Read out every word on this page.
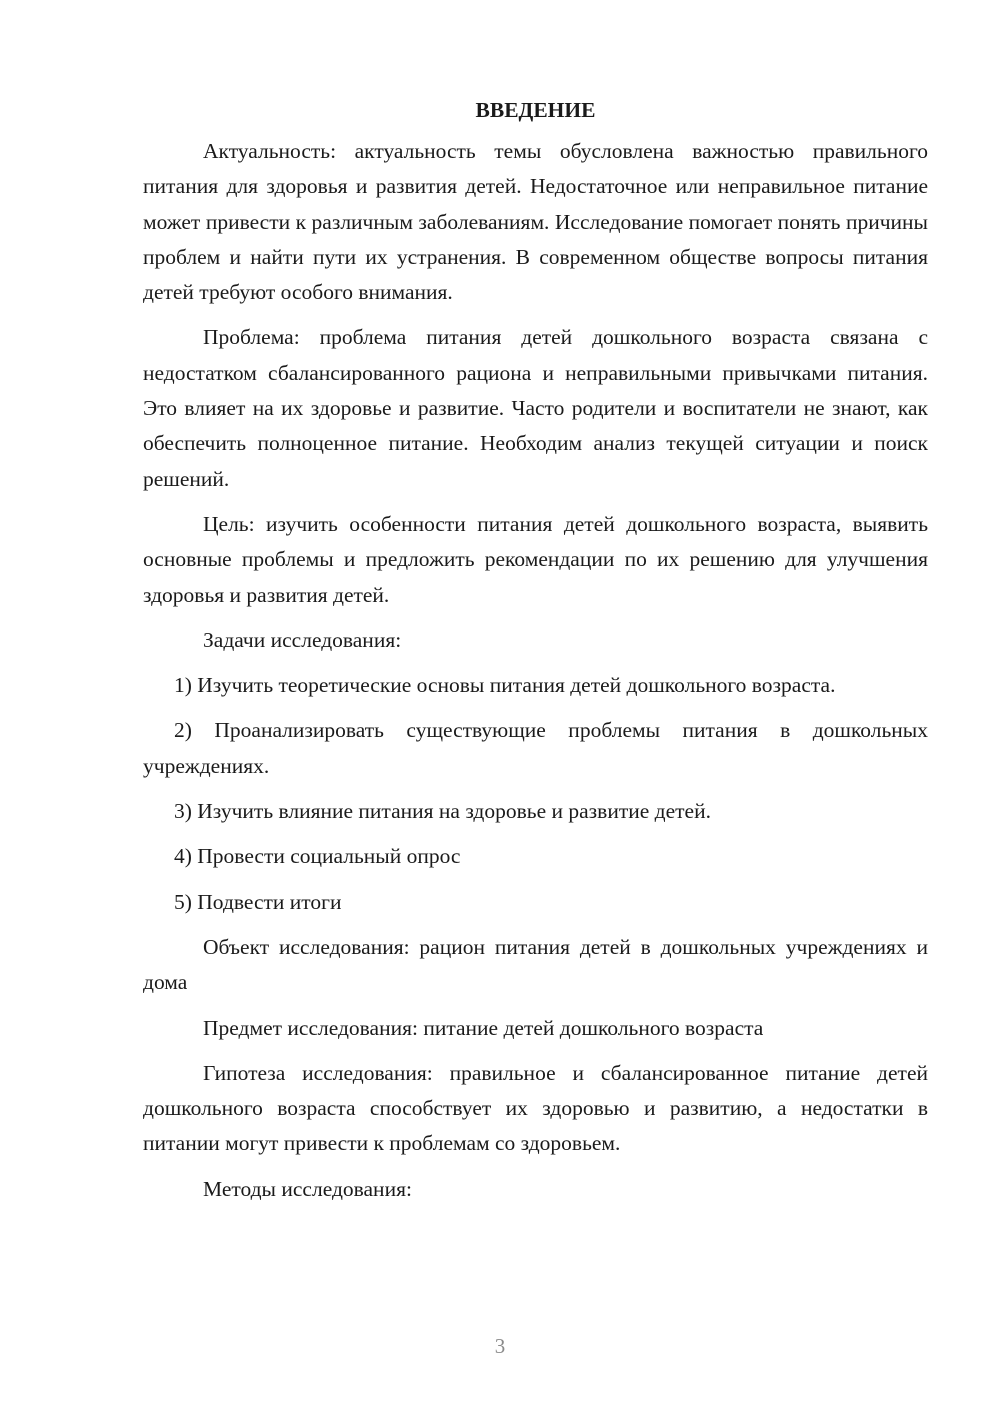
ВВЕДЕНИЕ

Актуальность: актуальность темы обусловлена важностью правильного питания для здоровья и развития детей. Недостаточное или неправильное питание может привести к различным заболеваниям. Исследование помогает понять причины проблем и найти пути их устранения. В современном обществе вопросы питания детей требуют особого внимания.

Проблема: проблема питания детей дошкольного возраста связана с недостатком сбалансированного рациона и неправильными привычками питания. Это влияет на их здоровье и развитие. Часто родители и воспитатели не знают, как обеспечить полноценное питание. Необходим анализ текущей ситуации и поиск решений.

Цель: изучить особенности питания детей дошкольного возраста, выявить основные проблемы и предложить рекомендации по их решению для улучшения здоровья и развития детей.

Задачи исследования:

1) Изучить теоретические основы питания детей дошкольного возраста.

2) Проанализировать существующие проблемы питания в дошкольных учреждениях.

3) Изучить влияние питания на здоровье и развитие детей.

4) Провести социальный опрос

5) Подвести итоги

Объект исследования: рацион питания детей в дошкольных учреждениях и дома

Предмет исследования: питание детей дошкольного возраста

Гипотеза исследования: правильное и сбалансированное питание детей дошкольного возраста способствует их здоровью и развитию, а недостатки в питании могут привести к проблемам со здоровьем.

Методы исследования:

3
